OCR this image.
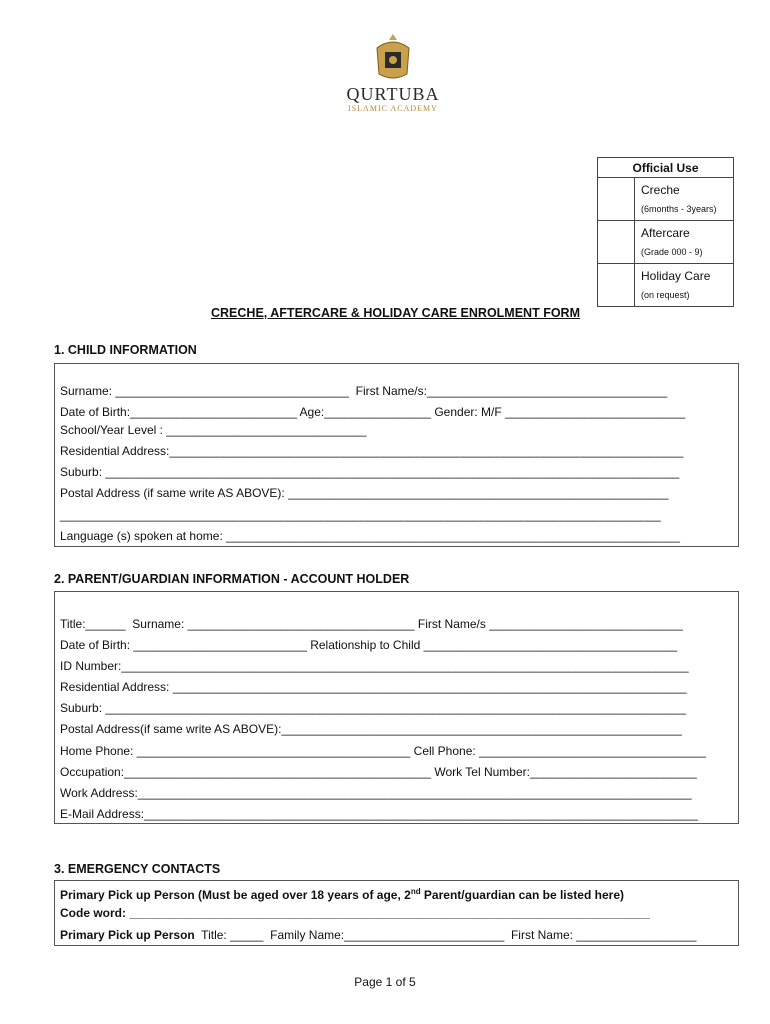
QURTUBA
ISLAMIC ACADEMY
Official Use	

	Creche
(6months - 3years)

	Aftercare
(Grade 000 - 9)

	Holiday Care
(on request)
CRECHE, AFTERCARE & HOLIDAY CARE ENROLMENT FORM
1. CHILD INFORMATION
Surname: ___________________________________  First Name/s:____________________________________
Date of Birth:_________________________ Age:________________ Gender: M/F ___________________________
School/Year Level : ______________________________
Residential Address:_____________________________________________________________________________
Suburb: ______________________________________________________________________________________
Postal Address (if same write AS ABOVE): _________________________________________________________
__________________________________________________________________________________________
Language (s) spoken at home: ____________________________________________________________________
2. PARENT/GUARDIAN INFORMATION - ACCOUNT HOLDER
Title:______  Surname: __________________________________ First Name/s _____________________________
Date of Birth: __________________________ Relationship to Child ______________________________________
ID Number:_____________________________________________________________________________________
Residential Address: _____________________________________________________________________________
Suburb: _______________________________________________________________________________________
Postal Address(if same write AS ABOVE):____________________________________________________________
Home Phone: _________________________________________ Cell Phone: __________________________________
Occupation:______________________________________________ Work Tel Number:_________________________
Work Address:___________________________________________________________________________________
E-Mail Address:___________________________________________________________________________________
3. EMERGENCY CONTACTS
Primary Pick up Person (Must be aged over 18 years of age, 2nd Parent/guardian can be listed here)
Code word: ______________________________________________________________________________
Primary Pick up Person  Title: _____  Family Name:________________________  First Name: __________________
Page 1 of 5
